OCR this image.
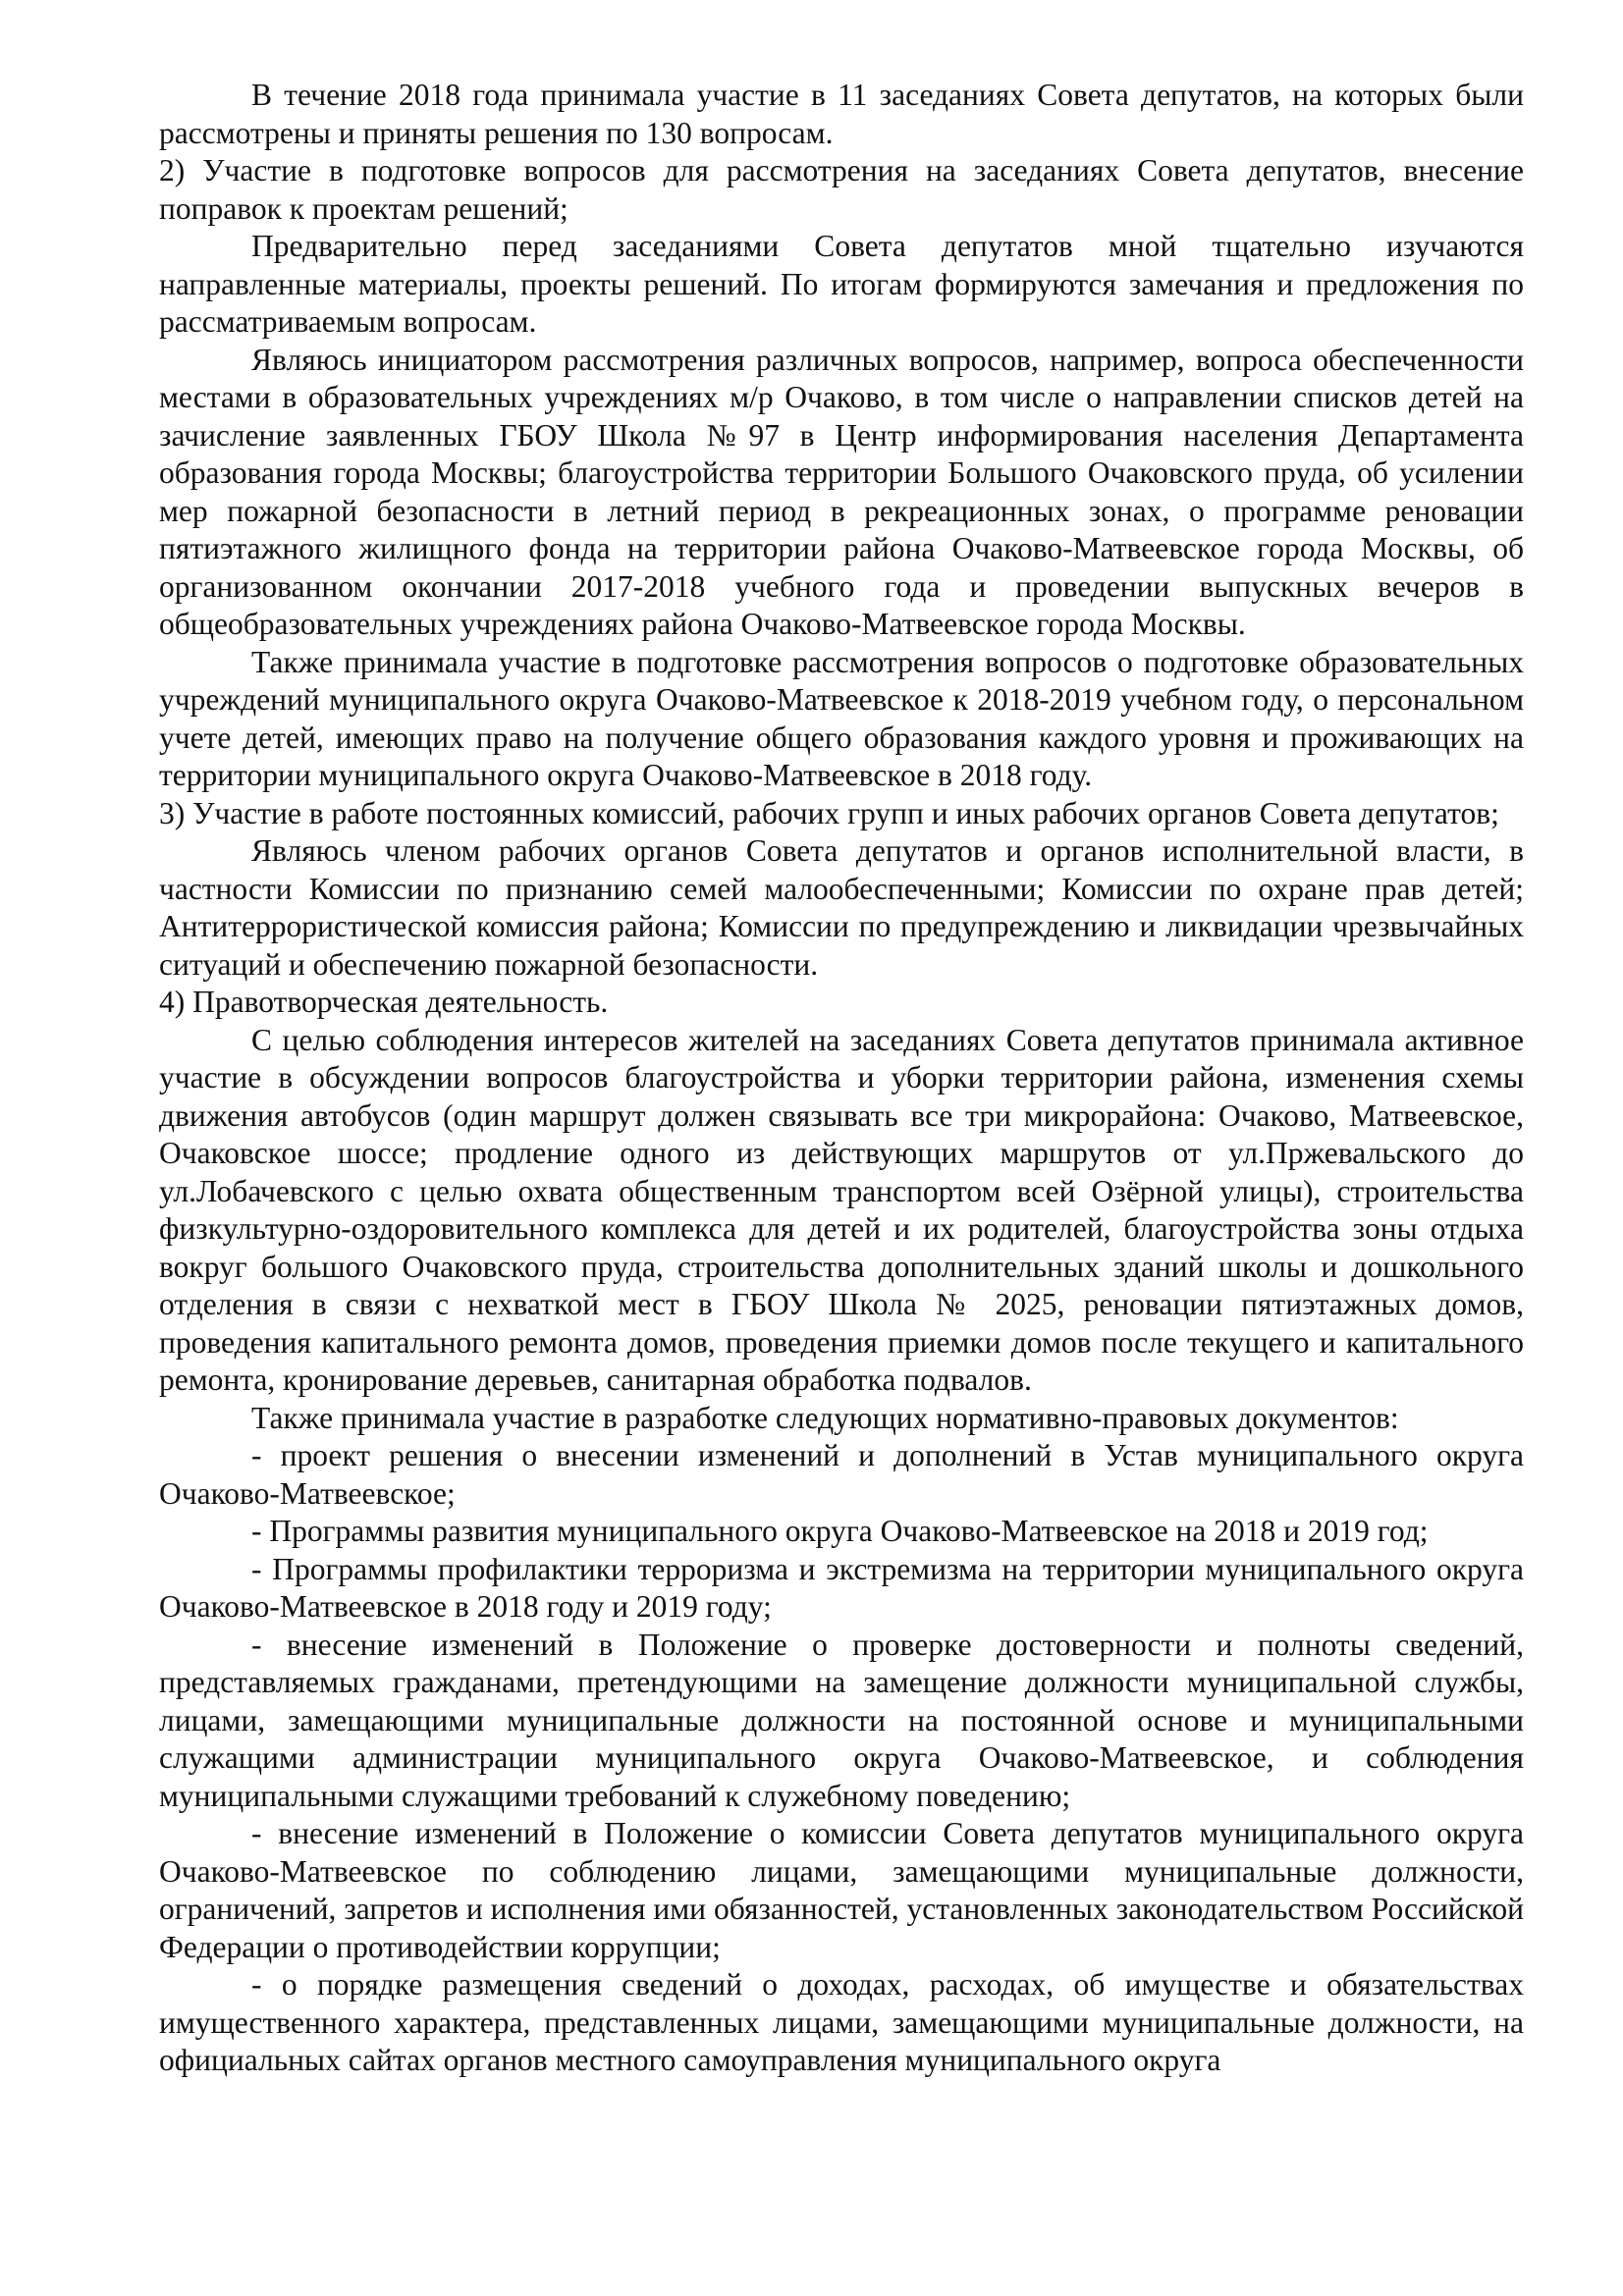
В течение 2018 года принимала участие в 11 заседаниях Совета депутатов, на которых были рассмотрены и приняты решения по 130 вопросам.

2) Участие в подготовке вопросов для рассмотрения на заседаниях Совета депутатов, внесение поправок к проектам решений;

Предварительно перед заседаниями Совета депутатов мной тщательно изучаются направленные материалы, проекты решений. По итогам формируются замечания и предложения по рассматриваемым вопросам.

Являюсь инициатором рассмотрения различных вопросов, например, вопроса обеспеченности местами в образовательных учреждениях м/р Очаково, в том числе о направлении списков детей на зачисление заявленных ГБОУ Школа №97 в Центр информирования населения Департамента образования города Москвы; благоустройства территории Большого Очаковского пруда, об усилении мер пожарной безопасности в летний период в рекреационных зонах, о программе реновации пятиэтажного жилищного фонда на территории района Очаково-Матвеевское города Москвы, об организованном окончании 2017-2018 учебного года и проведении выпускных вечеров в общеобразовательных учреждениях района Очаково-Матвеевское города Москвы.

Также принимала участие в подготовке рассмотрения вопросов о подготовке образовательных учреждений муниципального округа Очаково-Матвеевское к 2018-2019 учебном году, о персональном учете детей, имеющих право на получение общего образования каждого уровня и проживающих на территории муниципального округа Очаково-Матвеевское в 2018 году.

3) Участие в работе постоянных комиссий, рабочих групп и иных рабочих органов Совета депутатов;

Являюсь членом рабочих органов Совета депутатов и органов исполнительной власти, в частности Комиссии по признанию семей малообеспеченными; Комиссии по охране прав детей; Антитеррористической комиссия района; Комиссии по предупреждению и ликвидации чрезвычайных ситуаций и обеспечению пожарной безопасности.

4) Правотворческая деятельность.

С целью соблюдения интересов жителей на заседаниях Совета депутатов принимала активное участие в обсуждении вопросов благоустройства и уборки территории района, изменения схемы движения автобусов (один маршрут должен связывать все три микрорайона: Очаково, Матвеевское, Очаковское шоссе; продление одного из действующих маршрутов от ул.Пржевальского до ул.Лобачевского с целью охвата общественным транспортом всей Озёрной улицы), строительства физкультурно-оздоровительного комплекса для детей и их родителей, благоустройства зоны отдыха вокруг большого Очаковского пруда, строительства дополнительных зданий школы и дошкольного отделения в связи с нехваткой мест в ГБОУ Школа № 2025, реновации пятиэтажных домов, проведения капитального ремонта домов, проведения приемки домов после текущего и капитального ремонта, кронирование деревьев, санитарная обработка подвалов.

Также принимала участие в разработке следующих нормативно-правовых документов:

- проект решения о внесении изменений и дополнений в Устав муниципального округа Очаково-Матвеевское;

- Программы развития муниципального округа Очаково-Матвеевское на 2018 и 2019 год;

- Программы профилактики терроризма и экстремизма на территории муниципального округа Очаково-Матвеевское в 2018 году и 2019 году;

- внесение изменений в Положение о проверке достоверности и полноты сведений, представляемых гражданами, претендующими на замещение должности муниципальной службы, лицами, замещающими муниципальные должности на постоянной основе и муниципальными служащими администрации муниципального округа Очаково-Матвеевское, и соблюдения муниципальными служащими требований к служебному поведению;

- внесение изменений в Положение о комиссии Совета депутатов муниципального округа Очаково-Матвеевское по соблюдению лицами, замещающими муниципальные должности, ограничений, запретов и исполнения ими обязанностей, установленных законодательством Российской Федерации о противодействии коррупции;

- о порядке размещения сведений о доходах, расходах, об имуществе и обязательствах имущественного характера, представленных лицами, замещающими муниципальные должности, на официальных сайтах органов местного самоуправления муниципального округа
